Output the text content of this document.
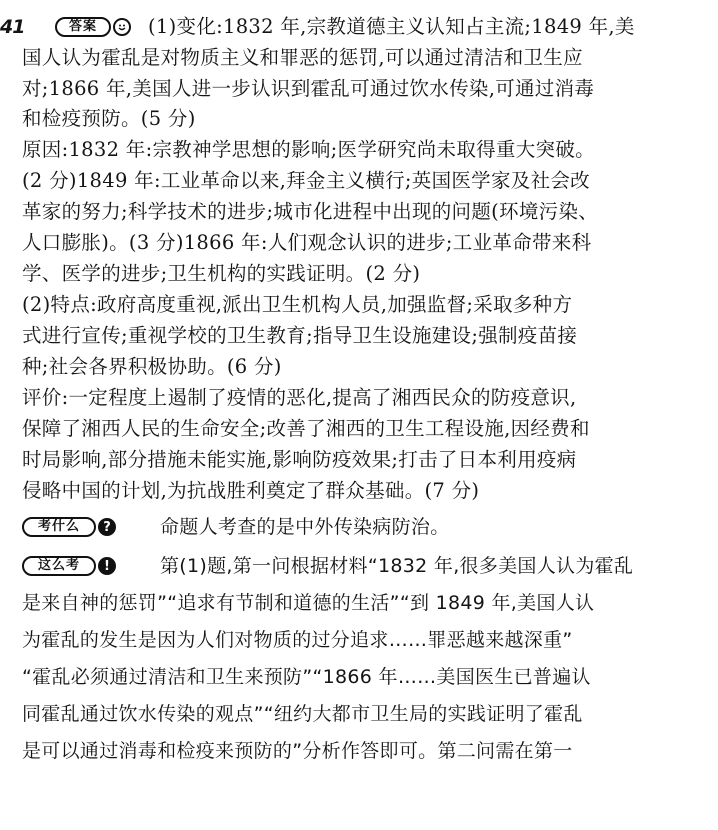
41	答案	(1)变化:1832 年,宗教道德主义认知占主流;1849 年,美
国人认为霍乱是对物质主义和罪恶的惩罚,可以通过清洁和卫生应
对;1866 年,美国人进一步认识到霍乱可通过饮水传染,可通过消毒
和检疫预防。(5 分)
原因:1832 年:宗教神学思想的影响;医学研究尚未取得重大突破。
(2 分)1849 年:工业革命以来,拜金主义横行;英国医学家及社会改
革家的努力;科学技术的进步;城市化进程中出现的问题(环境污染、
人口膨胀)。(3 分)1866 年:人们观念认识的进步;工业革命带来科
学、医学的进步;卫生机构的实践证明。(2 分)
(2)特点:政府高度重视,派出卫生机构人员,加强监督;采取多种方
式进行宣传;重视学校的卫生教育;指导卫生设施建设;强制疫苗接
种;社会各界积极协助。(6 分)
评价:一定程度上遏制了疫情的恶化,提高了湘西民众的防疫意识,
保障了湘西人民的生命安全;改善了湘西的卫生工程设施,因经费和
时局影响,部分措施未能实施,影响防疫效果;打击了日本利用疫病
侵略中国的计划,为抗战胜利奠定了群众基础。(7 分)
考什么	?	命题人考查的是中外传染病防治。
这么考	!	第(1)题,第一问根据材料“1832 年,很多美国人认为霍乱
是来自神的惩罚”“追求有节制和道德的生活”“到 1849 年,美国人认
为霍乱的发生是因为人们对物质的过分追求……罪恶越来越深重”
“霍乱必须通过清洁和卫生来预防”“1866 年……美国医生已普遍认
同霍乱通过饮水传染的观点”“纽约大都市卫生局的实践证明了霍乱
是可以通过消毒和检疫来预防的”分析作答即可。第二问需在第一
